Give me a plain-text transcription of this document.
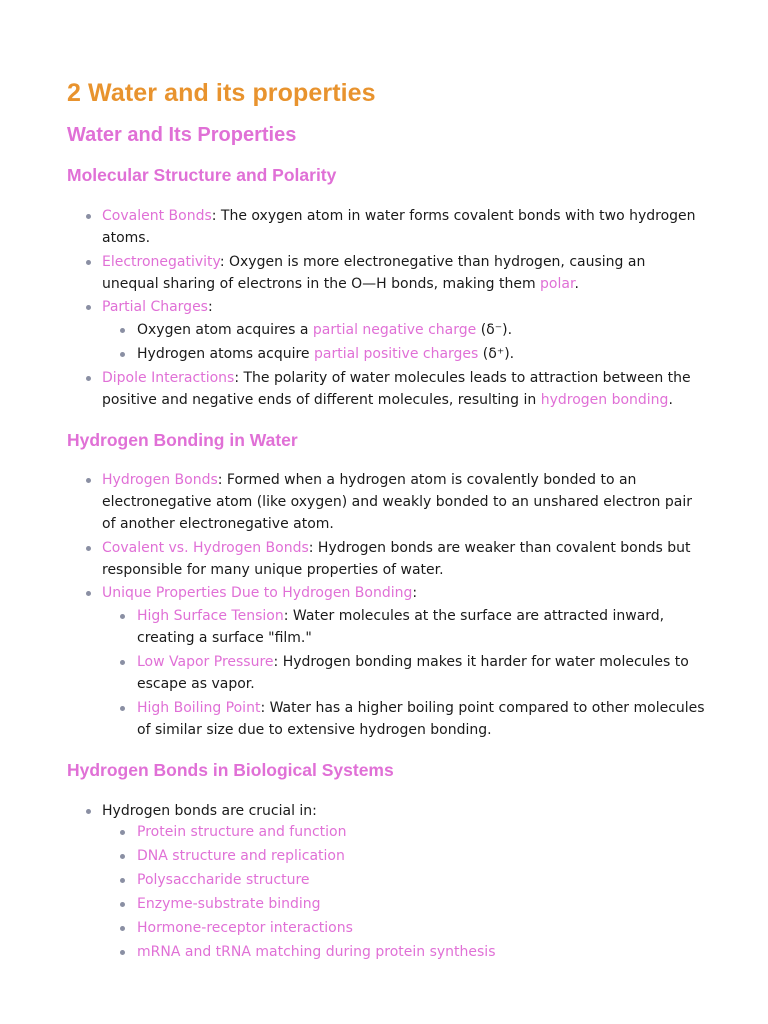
2 Water and its properties
Water and Its Properties
Molecular Structure and Polarity
Covalent Bonds: The oxygen atom in water forms covalent bonds with two hydrogen atoms.
Electronegativity: Oxygen is more electronegative than hydrogen, causing an unequal sharing of electrons in the O—H bonds, making them polar.
Partial Charges:
Oxygen atom acquires a partial negative charge (δ⁻).
Hydrogen atoms acquire partial positive charges (δ⁺).
Dipole Interactions: The polarity of water molecules leads to attraction between the positive and negative ends of different molecules, resulting in hydrogen bonding.
Hydrogen Bonding in Water
Hydrogen Bonds: Formed when a hydrogen atom is covalently bonded to an electronegative atom (like oxygen) and weakly bonded to an unshared electron pair of another electronegative atom.
Covalent vs. Hydrogen Bonds: Hydrogen bonds are weaker than covalent bonds but responsible for many unique properties of water.
Unique Properties Due to Hydrogen Bonding:
High Surface Tension: Water molecules at the surface are attracted inward, creating a surface "film."
Low Vapor Pressure: Hydrogen bonding makes it harder for water molecules to escape as vapor.
High Boiling Point: Water has a higher boiling point compared to other molecules of similar size due to extensive hydrogen bonding.
Hydrogen Bonds in Biological Systems
Hydrogen bonds are crucial in:
Protein structure and function
DNA structure and replication
Polysaccharide structure
Enzyme-substrate binding
Hormone-receptor interactions
mRNA and tRNA matching during protein synthesis
